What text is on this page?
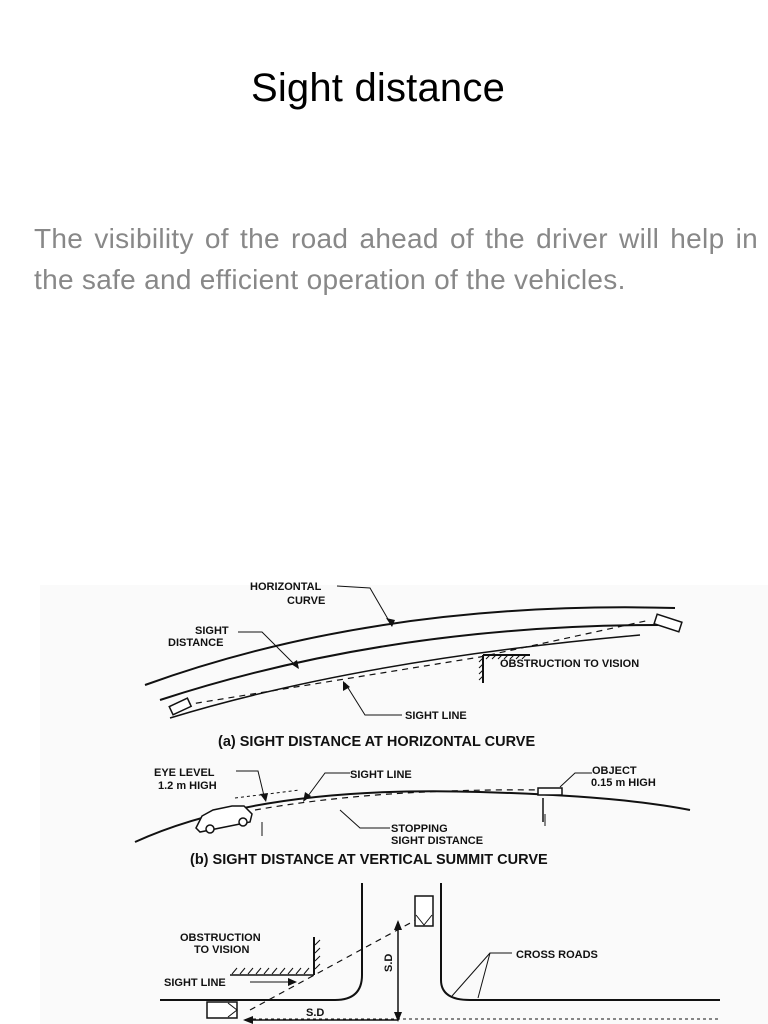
Sight distance
The visibility of the road ahead of the driver will help in the safe and efficient operation of the vehicles.
HORIZONTAL
CURVE
SIGHT
DISTANCE
OBSTRUCTION TO VISION
SIGHT LINE
(a) SIGHT DISTANCE AT HORIZONTAL CURVE
EYE LEVEL
1.2 m HIGH
SIGHT LINE	OBJECT
0.15 m HIGH
STOPPING
SIGHT DISTANCE
(b) SIGHT DISTANCE AT VERTICAL SUMMIT CURVE
OBSTRUCTION
TO VISION	CROSS ROADS
SIGHT LINE
S.D
S.D
